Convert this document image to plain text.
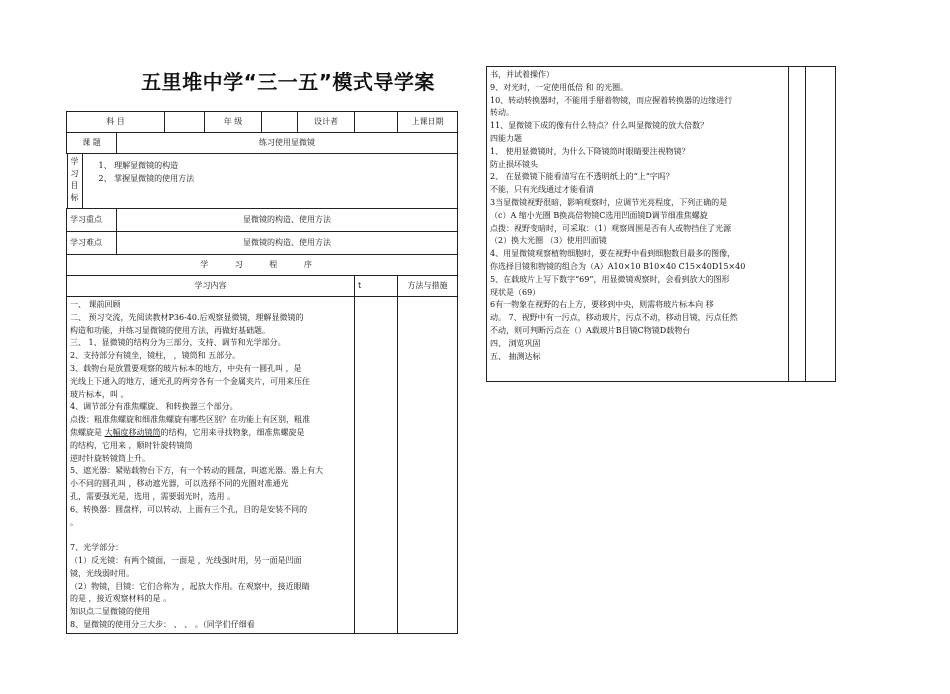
五里堆中学“三一五”模式导学案
科 目		年 级		设计者		上课日期
课 题	练习使用显微镜

学
习
目
标

1、 理解显微镜的构造
2、 掌握显微镜的使用方法

学习重点	显微镜的构造、使用方法
学习难点	显微镜的构造、使用方法
学 习 程 序
学习内容	t	方法与措施

一、 课前回顾
二、 预习交流，先阅读教材P36-40.后观察显微镜，理解显微镜的
构造和功能，并练习显微镜的使用方法，再做好基础题。
三、 1、显微镜的结构分为三部分，支持、调节和光学部分。
2、支持部分有镜坐，镜柱， ，镜筒和 五部分。
3、载物台是放置要观察的玻片标本的地方，中央有一圆孔叫 ，是
光线上下通入的地方，通光孔的两旁各有一个金属夹片，可用来压住
玻片标本，叫 。
4、调节部分有准焦螺旋、 和转换器三个部分。
点拨：粗准焦螺旋和细准焦螺旋有哪些区别？在功能上有区别，粗准
焦螺旋是 大幅度移动镜筒的结构，它用来寻找物象，细准焦螺旋是
的结构，它用来 ，顺时针旋转镜筒
逆时针旋转镜筒上升。
5、遮光器：紧贴载物台下方，有一个转动的圆盘，叫遮光器。器上有大
小不同的圆孔叫 ，移动遮光器，可以选择不同的光圈对准通光
孔，需要强光是，选用 ，需要弱光时，选用 。
6、转换器：圆盘样，可以转动，上面有三个孔，目的是安装不同的
。
7、光学部分：
（1）反光镜：有两个镜面，一面是 ，光线强时用，另一面是凹面
镜，光线弱时用。
（2）物镜，目镜：它们合称为 ，起放大作用。在观察中，接近眼睛
的是 ，接近观察材料的是 。
知识点二显微镜的使用
8、显微镜的使用分三大步： 、 、 。（同学们仔细看

书，并试着操作）
9、对光时，一定使用低倍 和 的光圈。
10、转动转换器时，不能用手掰着物镜，而应握着转换器的边缘进行
转动。
11、显微镜下成的像有什么特点？什么叫显微镜的放大倍数？
四能力题
1、 使用显微镜时，为什么下降镜筒时眼睛要注视物镜？
防止损坏镜头
2、 在显微镜下能看清写在不透明纸上的“上”字吗？
不能，只有光线通过才能看清
3当显微镜视野很暗，影响观察时，应调节光亮程度，下列正确的是
（c）A 缩小光圈 B换高倍物镜C选用凹面镜D调节细准焦螺旋
点拨：视野变暗时，可采取：（1）观察周围是否有人或物挡住了光源
（2）换大光圈 （3）使用凹面镜
4、用显微镜观察植物细胞时，要在视野中看到细胞数目最多的图像，
你选择目镜和物镜的组合为（A）A10×10 B10×40 C15×40D15×40
5、在载玻片上写下数字“69”，用显微镜观察时，会看到放大的图形
现状是（69）
6有一物象在视野的右上方，要移到中央，则需将玻片标本向 移
动。 7、视野中有一污点，移动玻片，污点不动，移动目镜，污点任然
不动，则可判断污点在（）A载玻片B目镜C物镜D载物台
四、 浏览巩固
五、 抽测达标
